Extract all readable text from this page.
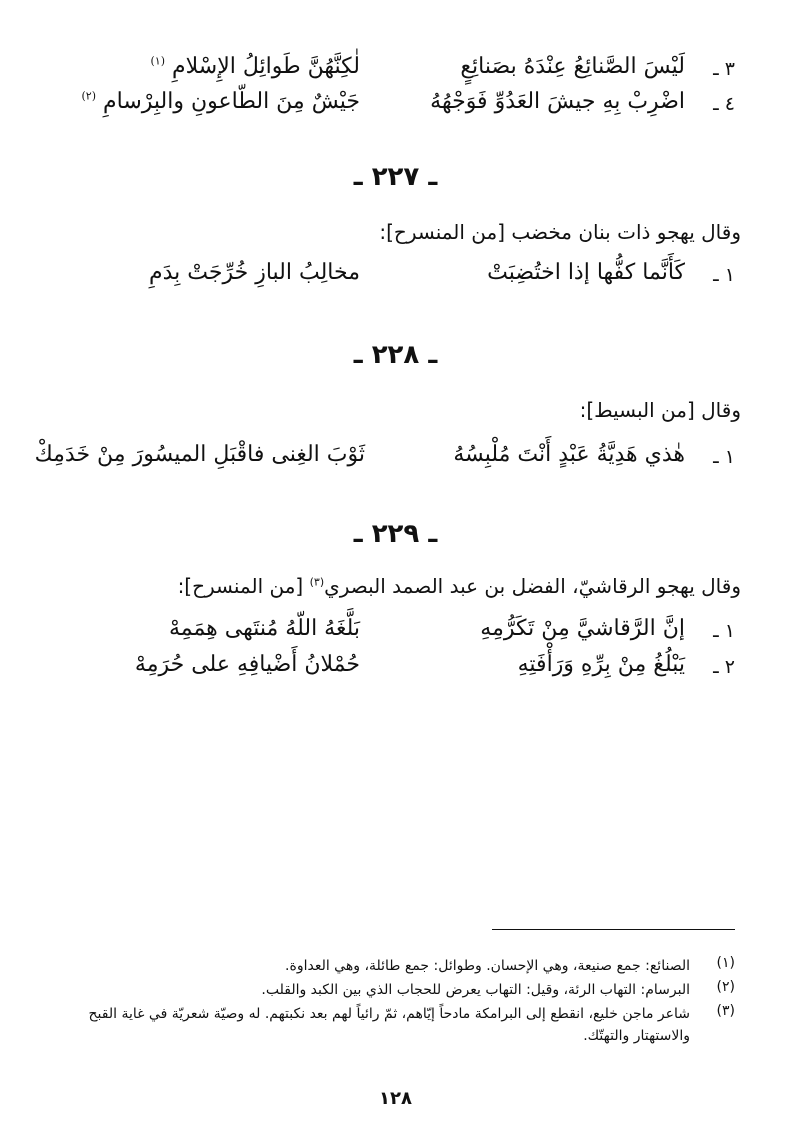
٣ ـ
لَيْسَ الصَّنائِعُ عِنْدَهُ بصَنائِعٍ
لٰكِنَّهُنَّ طَوائِلُ الإِسْلامِ $^{(١)}$
٤ ـ
اضْرِبْ بِهِ جيشَ العَدُوِّ فَوَجْهُهُ
جَيْشٌ مِنَ الطّاعونِ والبِرْسامِ $^{(٢)}$
ـ ٢٢٧ ـ
وقال يهجو ذات بنان مخضب [من المنسرح]:
١ ـ
كَأَنَّما كفُّها إذا اختُضِبَتْ
مخالِبُ البازِ خُرِّجَتْ بِدَمِ
ـ ٢٢٨ ـ
وقال [من البسيط]:
١ ـ
هٰذي هَدِيَّةُ عَبْدٍ أَنْتَ مُلْبِسُهُ
ثَوْبَ الغِنى فاقْبَلِ الميسُورَ مِنْ خَدَمِكْ
ـ ٢٢٩ ـ
وقال يهجو الرقاشيّ، الفضل بن عبد الصمد البصري$^{(٣)}$ [من المنسرح]:
١ ـ
إنَّ الرَّقاشيَّ مِنْ تَكَرُّمِهِ
بَلَّغَهُ اللّهُ مُنتَهى هِمَمِهْ
٢ ـ
يَبْلُغُ مِنْ بِرِّهِ وَرَأْفَتِهِ
حُمْلانُ أَضْيافِهِ على حُرَمِهْ
(١)
الصنائع: جمع صنيعة، وهي الإحسان. وطوائل: جمع طائلة، وهي العداوة.
(٢)
البرسام: التهاب الرئة، وقيل: التهاب يعرض للحجاب الذي بين الكبد والقلب.
(٣)
شاعر ماجن خليع، انقطع إلى البرامكة مادحاً إيّاهم، ثمّ رائياً لهم بعد نكبتهم. له وصيّة شعريّة في غاية القبح والاستهتار والتهتّك.
١٢٨
